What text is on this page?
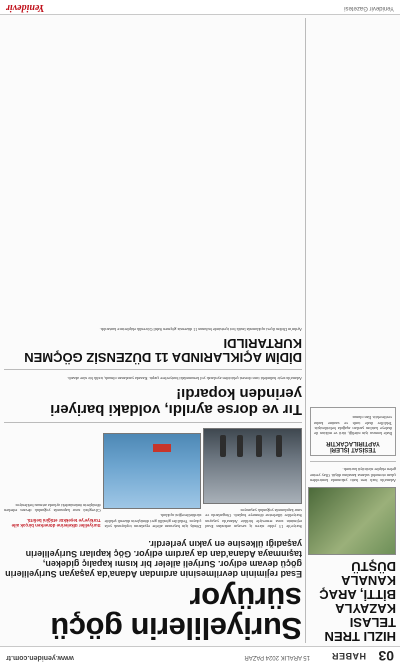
03
HABER
15 ARALIK 2024 PAZAR
www.yeniden.com.tr
HIZLI TREN TELASI KAZAYLA BİTTİ, ARAÇ KANALA DÜŞTÜ

Adana'da hızlı tren hattı yakınında kontrolden çıkan otomobil sulama kanalına düştü. Olay yerine gelen ekipler sürücüyü kurtardı.

TESİSAT İŞLERİ YAPTIRILACAKTIR

İhale konusu işin niteliği, türü ve miktarı ile ihaleye katılım şartları aşağıda belirtilmiştir. Teklifler ihale tarih ve saatine kadar verilecektir. İlan olunur.

Suriyelilerin göçü sürüyor

Esad rejiminin devrilmesinin ardından Adana'da yaşayan Suriyelilerin göçü devam ediyor. Suriyeli aileler bir kısmı kapalıç gideken, taşınmaya Adana'dan da yardım ediyor. Göç kapıları Suriyelilerin yaşadığı ülkesine en yakın yerlerdir.

Suriye'de 13 yıldır süren iç savaşın ardından Esad rejiminin sona ermesiyle birlikte Adana'da yaşayan Suriyeliler ülkelerine dönmeye başladı. Otogarlarda ve sınır kapılarında yoğunluk yaşanıyor.

Dönüş için başvuran aileler eşyalarını toplayarak yola çıkıyor. Yetkililer gönüllü geri dönüşlerin düzenli şekilde sürdürüleceğini açıkladı.

Suriyeliler ülkelerine dönerken birçok aile Türkiye'ye teşekkür ettiğini belirtti.

Cilvegözü sınır kapısında yoğunluk devam ederken dönüşlerin önümüzdeki aylarda artması bekleniyor.

Tır ve dorse ayrıldı, voldaki bariyeri yerinden kopardı!

Adana'da seyir halindeki tırın dorsesi çekiciden ayrılarak yol kenarındaki bariyerlere çarptı. Kazada yaralanan olmadı, trafik bir süre aksadı.

DİDİM AÇIKLARINDA 11 DÜZENSİZ GÖÇMEN KURTARILDI

Aydın'ın Didim ilçesi açıklarında lastik bot içerisinde bulunan 11 düzensiz göçmen Sahil Güvenlik ekiplerince kurtarıldı.

Yenidevir Gazetesi
Yenidevir
